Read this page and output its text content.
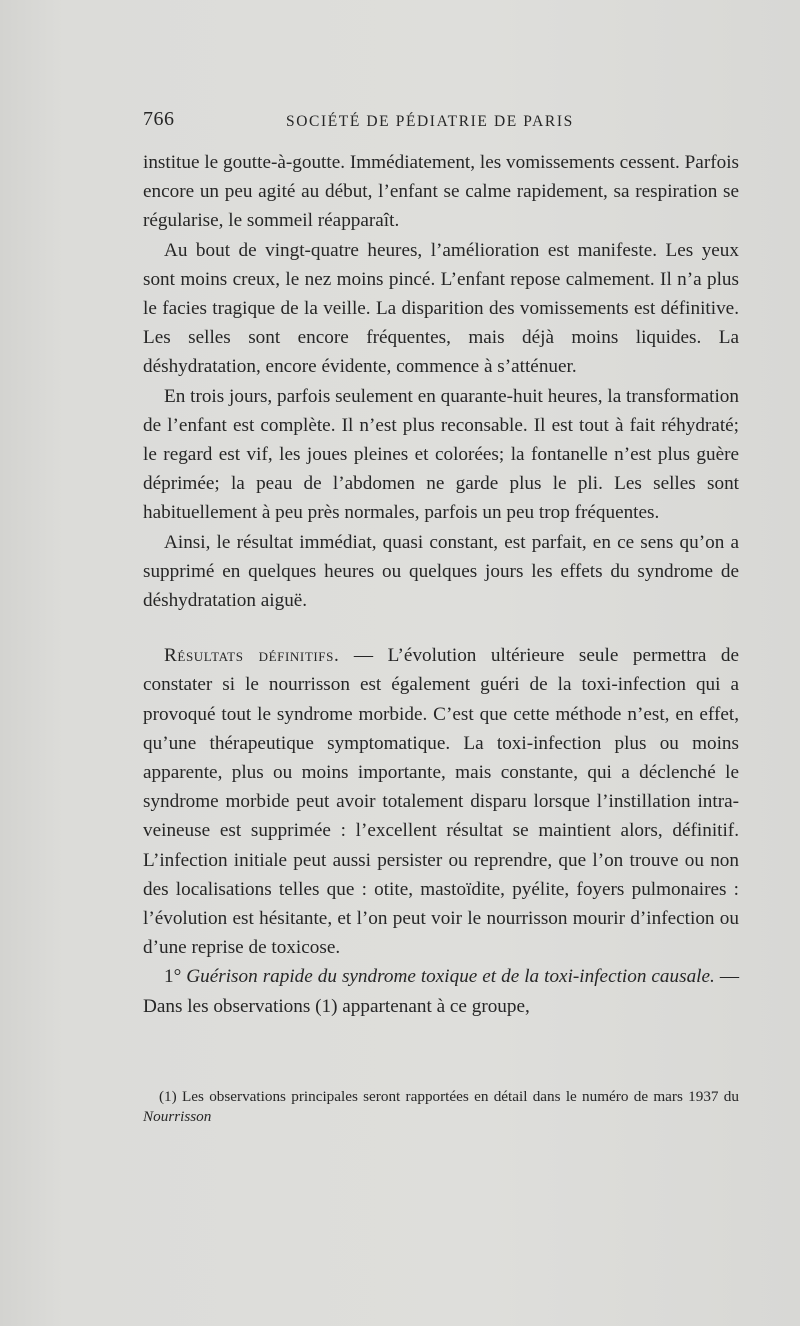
766	SOCIÉTÉ DE PÉDIATRIE DE PARIS

institue le goutte-à-goutte. Immédiatement, les vomissements cessent. Parfois encore un peu agité au début, l’enfant se calme rapidement, sa respiration se régularise, le sommeil réapparaît.

Au bout de vingt-quatre heures, l’amélioration est manifeste. Les yeux sont moins creux, le nez moins pincé. L’enfant repose calmement. Il n’a plus le facies tragique de la veille. La disparition des vomissements est définitive. Les selles sont encore fréquentes, mais déjà moins liquides. La déshydratation, encore évidente, commence à s’atténuer.

En trois jours, parfois seulement en quarante-huit heures, la transformation de l’enfant est complète. Il n’est plus reconsable. Il est tout à fait réhydraté; le regard est vif, les joues pleines et colorées; la fontanelle n’est plus guère déprimée; la peau de l’abdomen ne garde plus le pli. Les selles sont habituellement à peu près normales, parfois un peu trop fréquentes.

Ainsi, le résultat immédiat, quasi constant, est parfait, en ce sens qu’on a supprimé en quelques heures ou quelques jours les effets du syndrome de déshydratation aiguë.

Résultats définitifs. — L’évolution ultérieure seule permettra de constater si le nourrisson est également guéri de la toxi-infection qui a provoqué tout le syndrome morbide. C’est que cette méthode n’est, en effet, qu’une thérapeutique symptomatique. La toxi-infection plus ou moins apparente, plus ou moins importante, mais constante, qui a déclenché le syndrome morbide peut avoir totalement disparu lorsque l’instillation intra-veineuse est supprimée : l’excellent résultat se maintient alors, définitif. L’infection initiale peut aussi persister ou reprendre, que l’on trouve ou non des localisations telles que : otite, mastoïdite, pyélite, foyers pulmonaires : l’évolution est hésitante, et l’on peut voir le nourrisson mourir d’infection ou d’une reprise de toxicose.

1° Guérison rapide du syndrome toxique et de la toxi-infection causale. — Dans les observations (1) appartenant à ce groupe,

(1) Les observations principales seront rapportées en détail dans le numéro de mars 1937 du Nourrisson
